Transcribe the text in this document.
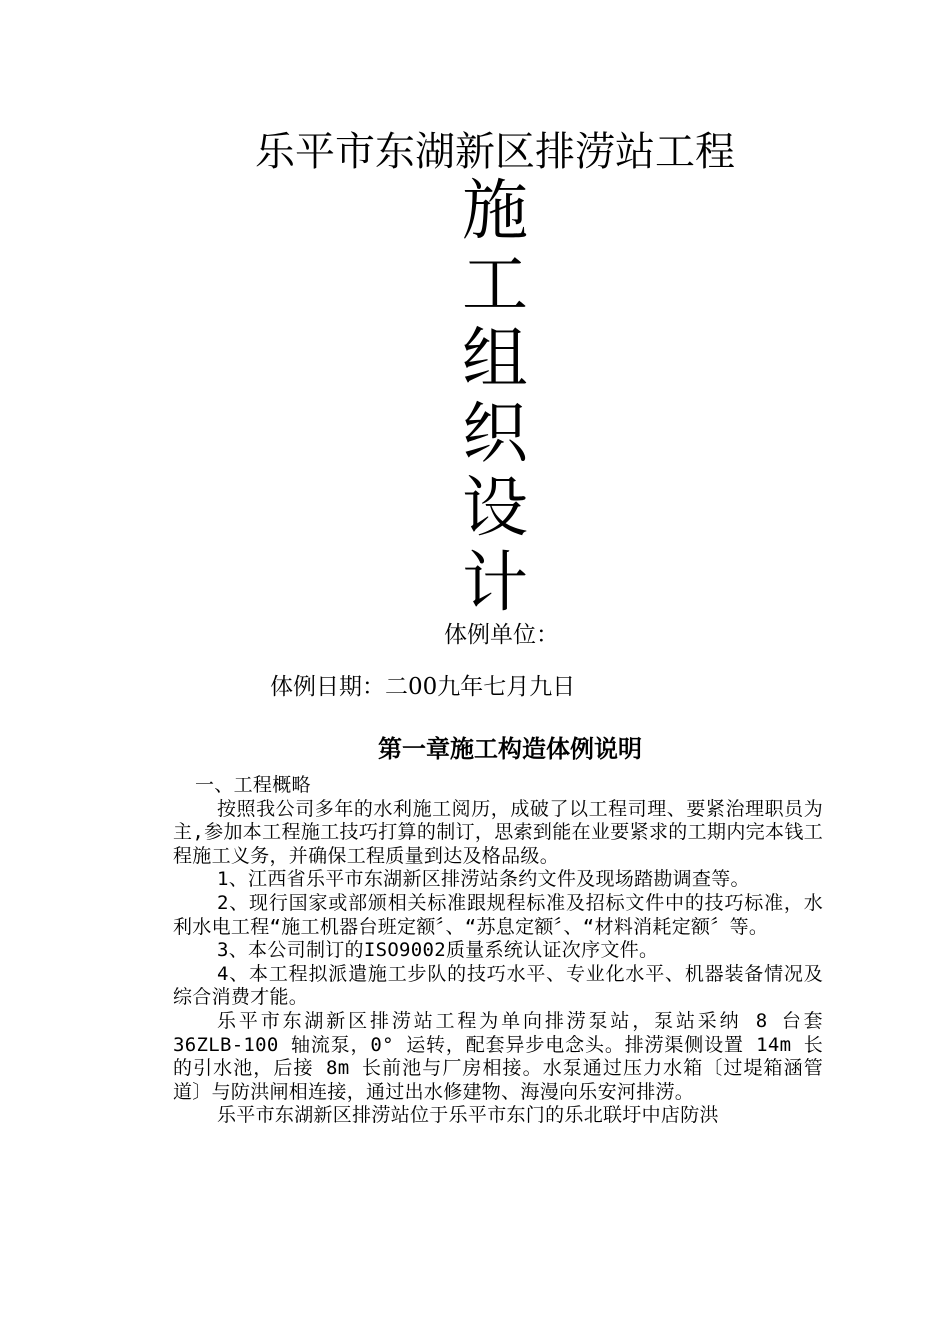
乐平市东湖新区排涝站工程
施
工
组
织
设
计
体例单位：
体例日期：二00九年七月九日
第一章施工构造体例说明

一、工程概略

按照我公司多年的水利施工阅历，成破了以工程司理、要紧治理职员为主,参加本工程施工技巧打算的制订，思索到能在业要紧求的工期内完本钱工程施工义务，并确保工程质量到达及格品级。

1、江西省乐平市东湖新区排涝站条约文件及现场踏勘调查等。

2、现行国家或部颁相关标准跟规程标准及招标文件中的技巧标准，水利水电工程“施工机器台班定额〞、“苏息定额〞、“材料消耗定额〞等。

3、本公司制订的ISO9002质量系统认证次序文件。

4、本工程拟派遣施工步队的技巧水平、专业化水平、机器装备情况及综合消费才能。

乐平市东湖新区排涝站工程为单向排涝泵站，泵站采纳 8 台套 36ZLB-100 轴流泵，0° 运转，配套异步电念头。排涝渠侧设置 14m 长的引水池，后接 8m 长前池与厂房相接。水泵通过压力水箱〔过堤箱涵管道〕与防洪闸相连接，通过出水修建物、海漫向乐安河排涝。

乐平市东湖新区排涝站位于乐平市东门的乐北联圩中店防洪
